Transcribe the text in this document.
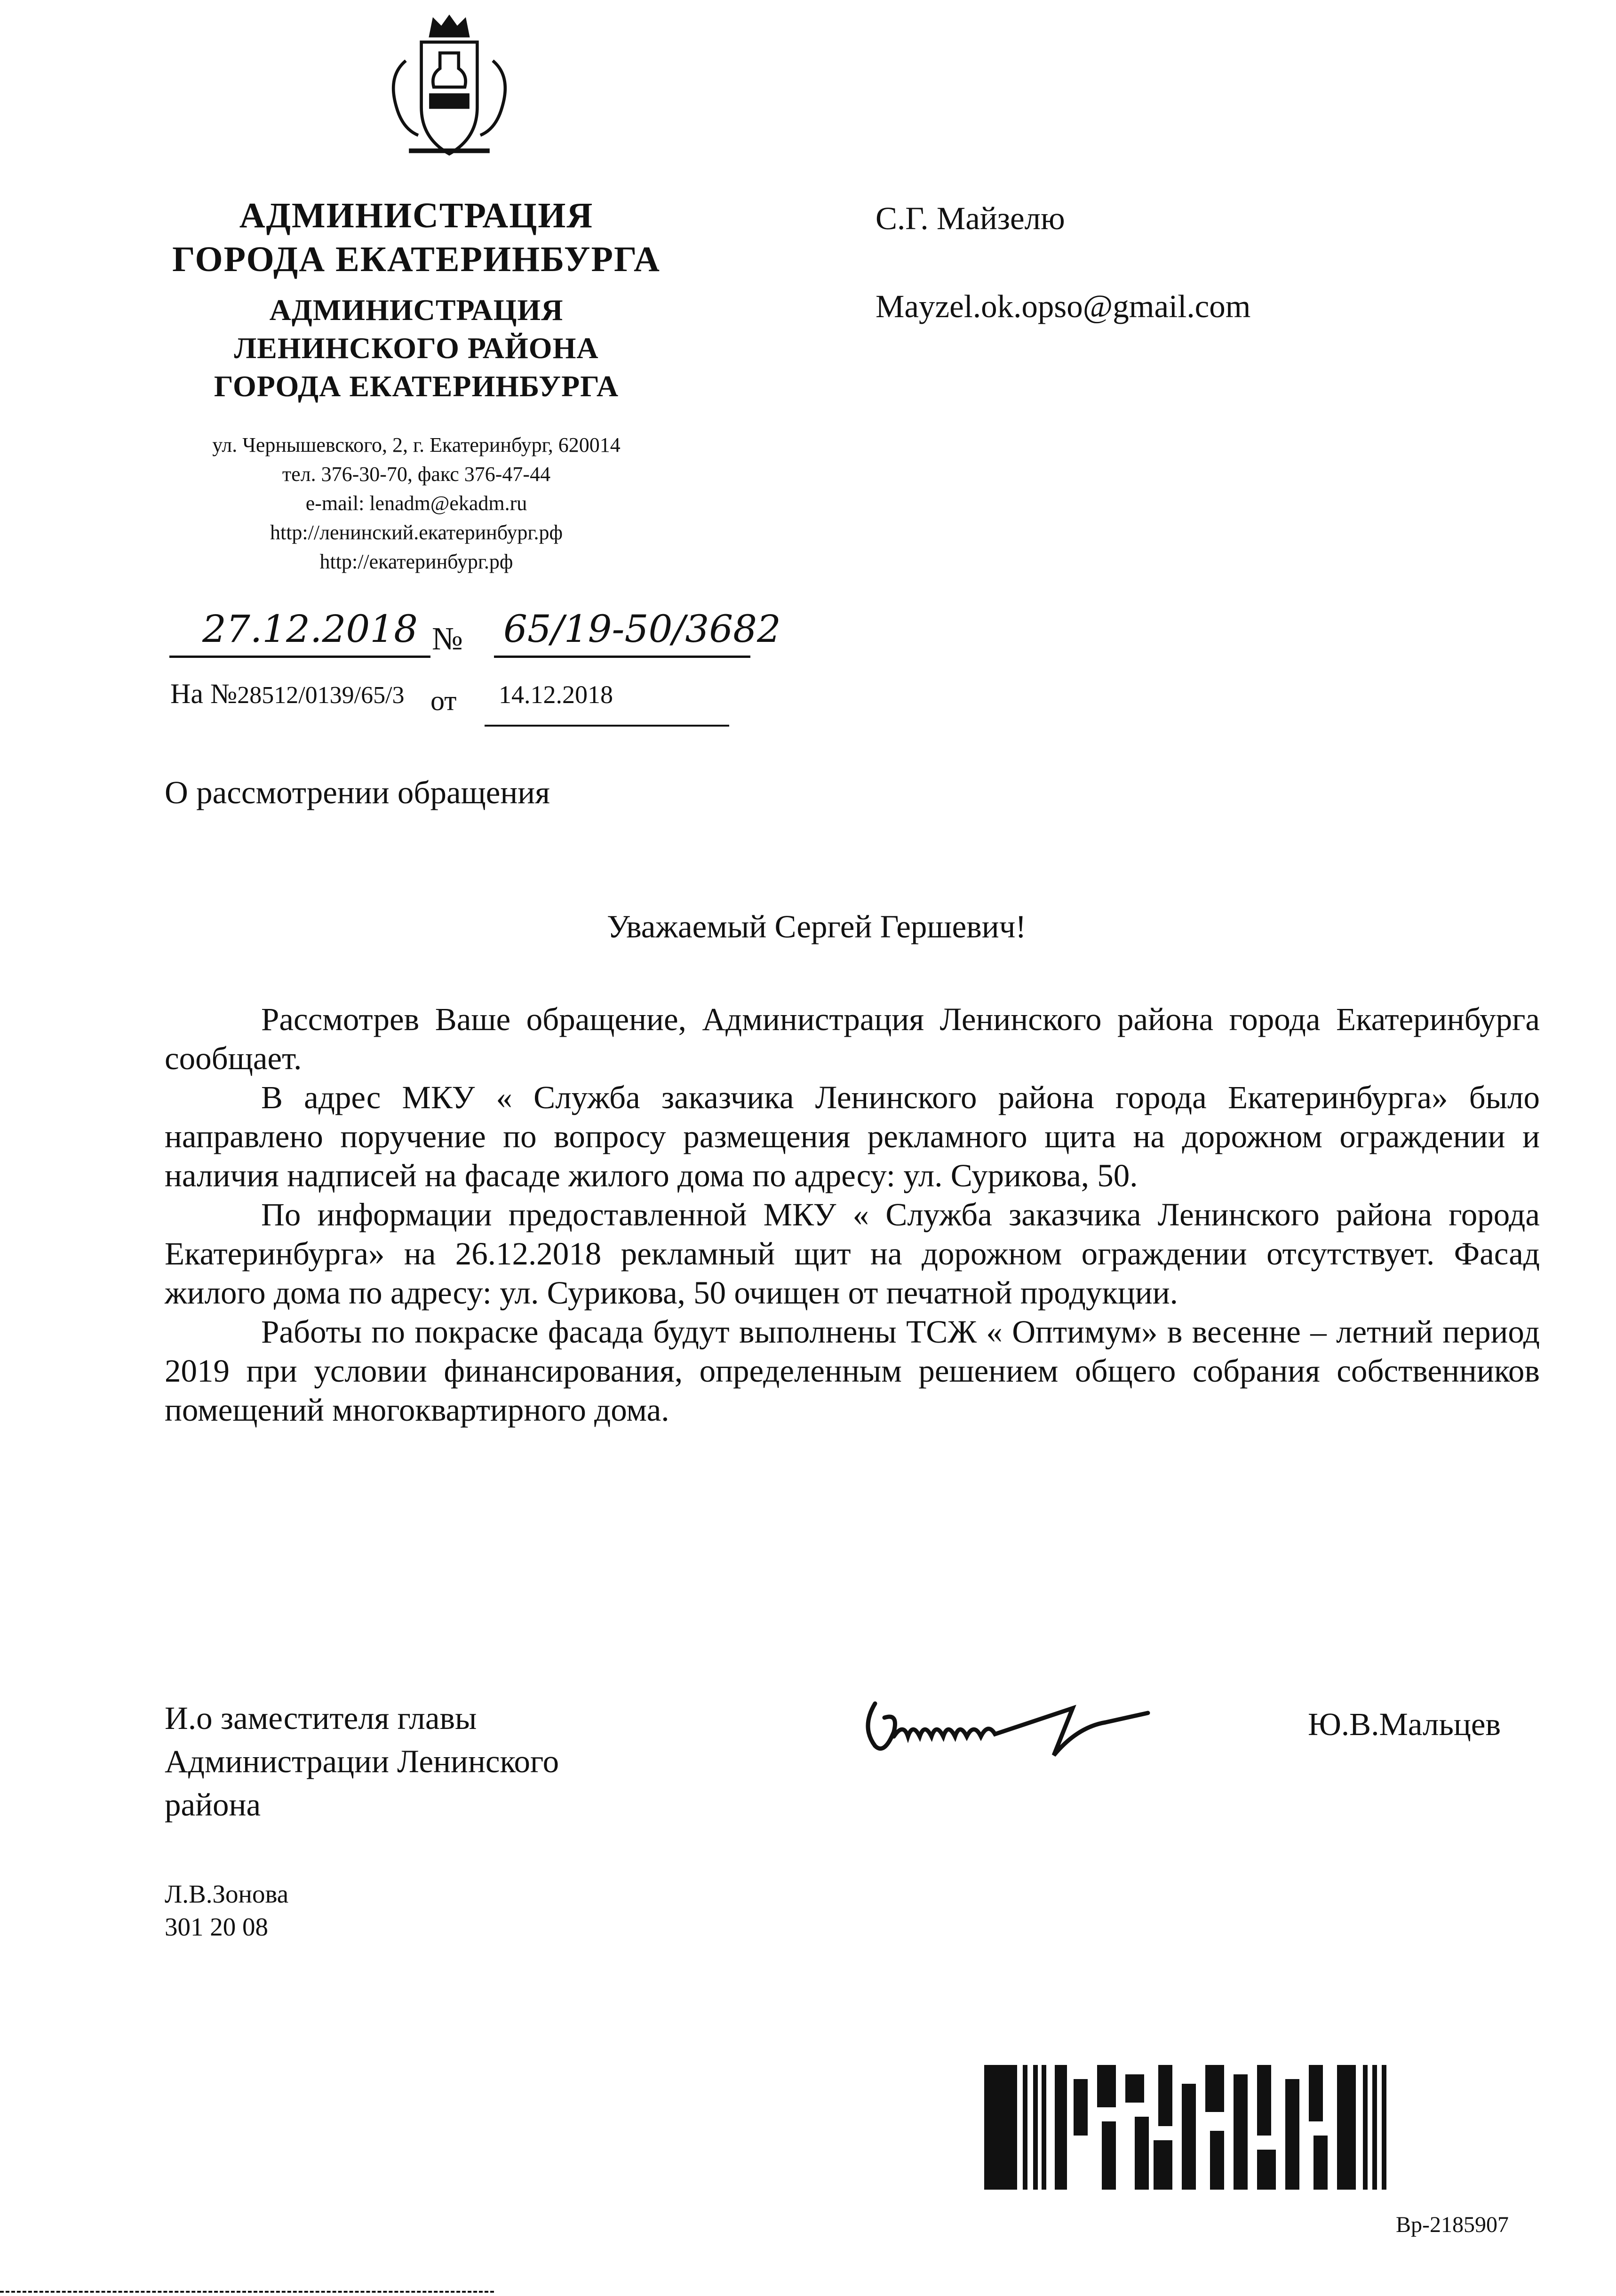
АДМИНИСТРАЦИЯ
ГОРОДА ЕКАТЕРИНБУРГА
АДМИНИСТРАЦИЯ
ЛЕНИНСКОГО РАЙОНА
ГОРОДА ЕКАТЕРИНБУРГА
ул. Чернышевского, 2, г. Екатеринбург, 620014
тел. 376-30-70, факс 376-47-44
e-mail: lenadm@ekadm.ru
http://ленинский.екатеринбург.рф
http://екатеринбург.рф
С.Г. Майзелю
Mayzel.ok.opso@gmail.com
27.12.2018 № 65/19-50/3682
На №28512/0139/65/3 от 14.12.2018
О рассмотрении обращения
Уважаемый Сергей Гершевич!

Рассмотрев Ваше обращение, Администрация Ленинского района города Екатеринбурга сообщает.

В адрес МКУ « Служба заказчика Ленинского района города Екатеринбурга» было направлено поручение по вопросу размещения рекламного щита на дорожном ограждении и наличия надписей на фасаде жилого дома по адресу: ул. Сурикова, 50.

По информации предоставленной МКУ « Служба заказчика Ленинского района города Екатеринбурга» на 26.12.2018 рекламный щит на дорожном ограждении отсутствует. Фасад жилого дома по адресу: ул. Сурикова, 50 очищен от печатной продукции.

Работы по покраске фасада будут выполнены ТСЖ « Оптимум» в весенне – летний период 2019 при условии финансирования, определенным решением общего собрания собственников помещений многоквартирного дома.

И.о заместителя главы
Администрации Ленинского
района
Ю.В.Мальцев
Л.В.Зонова
301 20 08
Вр-2185907
